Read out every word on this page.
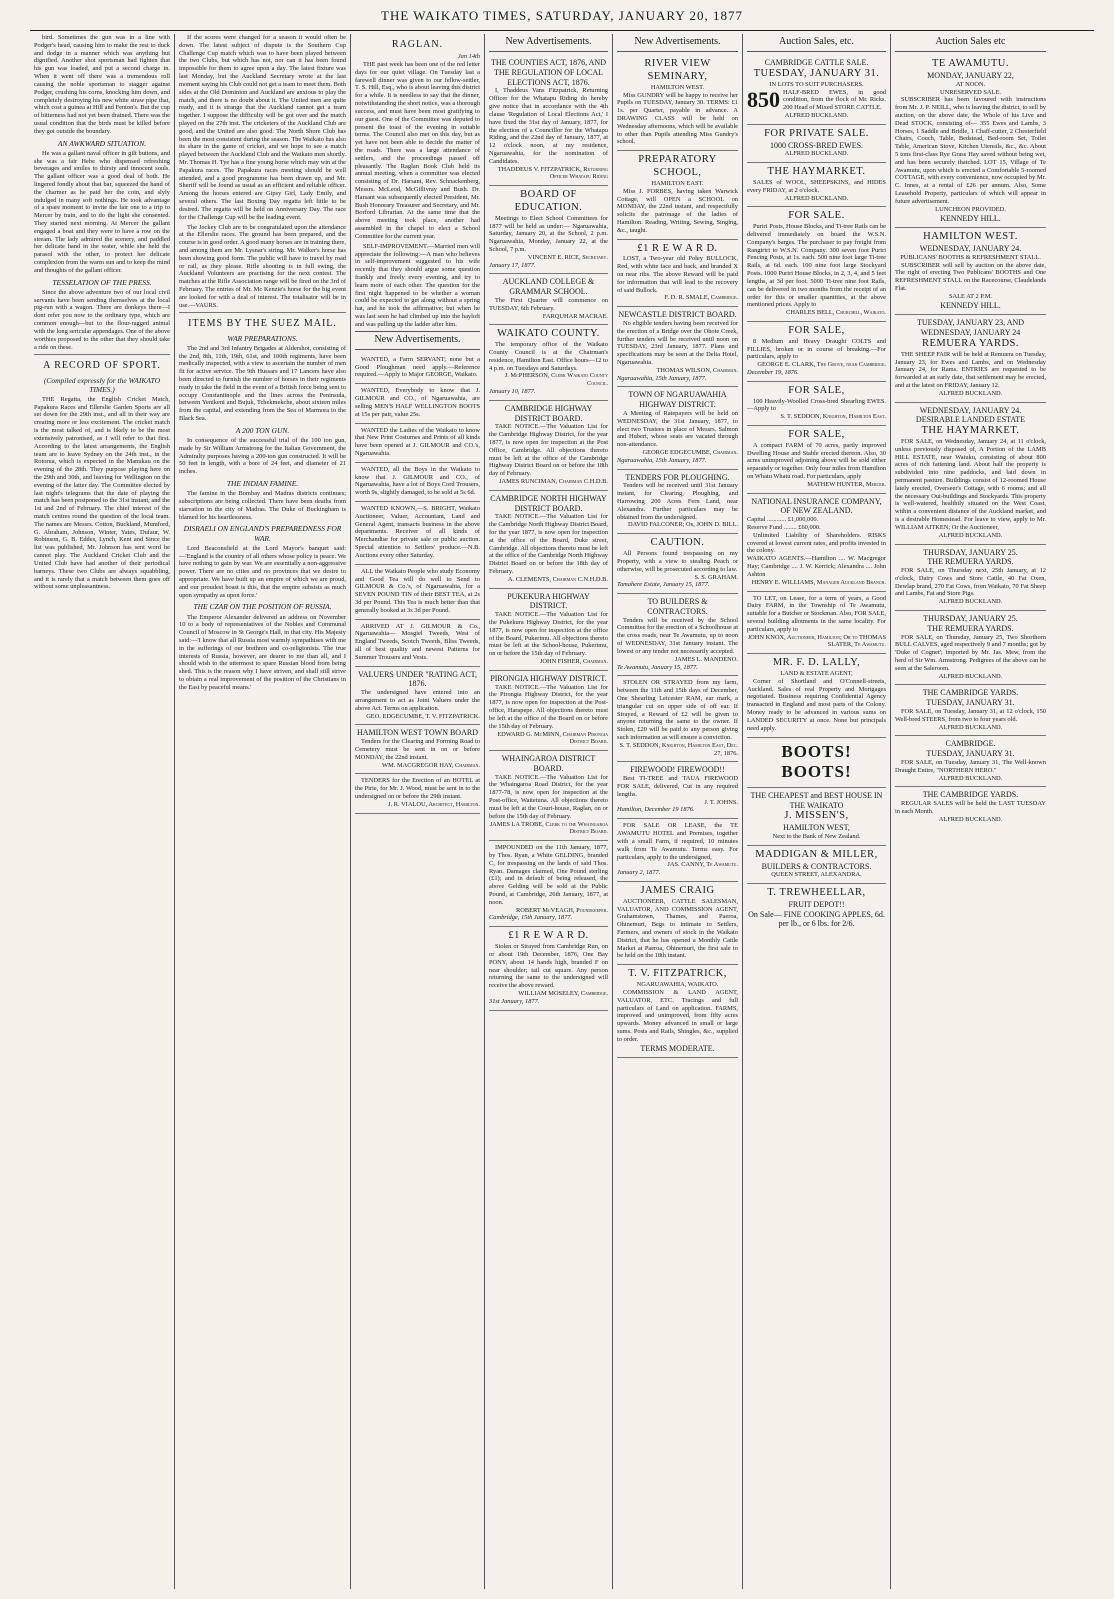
THE WAIKATO TIMES, SATURDAY, JANUARY 20, 1877

bird. Sometimes the gun was in a line with Podger's head, causing him to make the rest to duck and dodge in a manner which was anything but dignified. Another shot sportsman had fighten that his gun was loaded, and put a second charge in. When it went off there was a tremendous roll causing the noble sportsman to stagger against Podger, crushing his corns, knocking him down, and completely destroying his new white straw pipe that, which cost a guinea at Hill and Fenton's. But the cup of bitterness had not yet been drained. There was the usual condition that the birds must be killed before they got outside the boundary.

AN AWKWARD SITUATION.

He was a gallant naval officer in gilt buttons, and she was a fair Hebe who dispensed refreshing beverages and smiles to thirsty and innocent souls. The gallant officer was a good deal of both. He lingered fondly about that bar, squeezed the hand of the charmer as he paid her the coin, and slyly indulged in many soft nothings. He took advantage of a spare moment to invite the fair one to a trip to Mercer by train, and to do the light she consented. They started next morning. At Mercer the gallant engaged a boat and they were to have a row on the stream. The lady admired the scenery, and paddled her delicate hand in the water, while she held the parasol with the other, to protect her delicate complexion from the warm sun and to keep the mind and thoughts of the gallant officer.

TESSELATION OF THE PRESS.

Since the above adventure two of our local civil servants have been sending themselves at the local pig-run with a wagon. There are donkeys there—I dont refer you now to the ordinary type, which are common enough—but to the flour-ragged animal with the long sericular appendages. One of the above worthies proposed to the other that they should take a ride on these.

A RECORD OF SPORT.
(Compiled expressly for the WAIKATO TIMES.)

THE Regatta, the English Cricket Match, Papakura Races and Ellerslie Garden Sports are all set down for the 29th inst., and all in their way are creating more or less excitement. The cricket match is the most talked of, and is likely to be the most extensively patronised, as I will refer to that first. According to the latest arrangements, the English team are to leave Sydney on the 24th inst., in the Rotorua, which is expected in the Manukau on the evening of the 28th. They purpose playing here on the 29th and 30th, and leaving for Wellington on the evening of the latter day. The Committee elected by last night's telegrams that the date of playing the match has been postponed to the 31st instant, and the 1st and 2nd of February. The chief interest of the match centres round the question of the local team. The names are Messrs. Cotton, Buckland, Mumford, G. Abraham, Johnson, Winter, Yates, Dufaur, W. Robinson, G. B. Eddes, Lynch, Kent and Since the list was published, Mr. Johnson has sent word he cannot play. The Auckland Cricket Club and the United Club have had another of their periodical barneys. These two Clubs are always squabbling, and it is rarely that a match between them goes off without some unpleasantness.

If the scores were changed for a season it would often be down. The latest subject of dispute is the Southern Cup Challenge Cup match which was to have been played between the two Clubs, but which has not, nor can it has been found impossible for them to agree upon a day. The latest fixture was last Monday, but the Auckland Secretary wrote at the last moment saying his Club could not get a team to meet them. Both sides at the Old Dominion and Auckland are anxious to play the match, and there is no doubt about it. The United men are quite ready, and it is strange that the Auckland cannot get a team together. I suppose the difficulty will be got over and the match played on the 27th inst. The cricketers of the Auckland Club are good, and the United are also good. The North Shore Club has been the most consistent during the season. The Waikato has also its share in the game of cricket, and we hope to see a match played between the Auckland Club and the Waikato men shortly. Mr. Thomas H. Tye has a fine young horse which may win at the Papakura races. The Papakura races meeting should be well attended, and a good programme has been drawn up, and Mr. Sheriff will be found as usual as an efficient and reliable officer. Among the horses entered are Gipsy Girl, Lady Emily, and several others. The last Boxing Day regatta left little to be desired. The regatta will be held on Anniversary Day. The race for the Challenge Cup will be the leading event.

The Jockey Club are to be congratulated upon the attendance at the Ellerslie races. The ground has been prepared, and the course is in good order. A good many horses are in training there, and among them are Mr. Lysnar's string. Mr. Walker's horse has been showing good form. The public will have to travel by road or rail, as they please. Rifle shooting is in full swing, the Auckland Volunteers are practising for the next contest. The matches at the Rifle Association range will be fired on the 3rd of February. The entries of Mr. Mc Kenzie's horse for the big event are looked for with a deal of interest. The totalisator will be in use.—VAURS.

ITEMS BY THE SUEZ MAIL.
WAR PREPARATIONS.

The 2nd and 3rd Infantry Brigades at Aldershot, consisting of the 2nd, 8th, 11th, 19th, 61st, and 100th regiments, have been medically inspected, with a view to ascertain the number of men fit for active service. The 9th Hussars and 17 Lancers have also been directed to furnish the number of horses in their regiments ready to take the field in the event of a British force being sent to occupy Constantinople and the lines across the Peninsula, between Yenikeni and Bujuk, Tchekmekche, about sixteen miles from the capital, and extending from the Sea of Marmora to the Black Sea.

A 200 TON GUN.

In consequence of the successful trial of the 100 ton gun, made by Sir William Armstrong for the Italian Government, the Admiralty purposes having a 200-ton gun constructed. It will be 50 feet in length, with a bore of 24 feet, and diameter of 21 inches.

THE INDIAN FAMINE.

The famine in the Bombay and Madras districts continues; subscriptions are being collected. There have been deaths from starvation in the city of Madras. The Duke of Buckingham is blamed for his heartlessness.

DISRAELI ON ENGLAND'S PREPAREDNESS FOR WAR.

Lord Beaconsfield at the Lord Mayor's banquet said:—'England is the country of all others whose policy is peace. We have nothing to gain by war. We are essentially a non-aggressive power. There are no cities and no provinces that we desire to appropriate. We have built up an empire of which we are proud, and our proudest boast is this, that the empire subsists as much upon sympathy as upon force.'

THE CZAR ON THE POSITION OF RUSSIA.

The Emperor Alexander delivered an address on November 10 to a body of representatives of the Nobles and Communal Council of Moscow in St George's Hall, in that city. His Majesty said:—'I know that all Russia most warmly sympathises with me in the sufferings of our brethren and co-religionists. The true interests of Russia, however, are dearer to me than all, and I should wish to the uttermost to spare Russian blood from being shed. This is the reason why I have striven, and shall still strive to obtain a real improvement of the position of the Christians in the East by peaceful means.'

RAGLAN.
Jan 14th

THE past week has been one of the red letter days for our quiet village. On Tuesday last a farewell dinner was given to our fellow-settler, T. S. Hill, Esq., who is about leaving this district for a while. It is needless to say that the dinner, notwithstanding the short notice, was a thorough success, and must have been most gratifying to our guest. One of the Committee was deputed to present the toast of the evening in suitable terms. The Council also met on this day, but as yet have not been able to decide the matter of the roads. There was a large attendance of settlers, and the proceedings passed off pleasantly. The Raglan Book Club held its annual meeting, when a committee was elected consisting of Dr. Harsant, Rev. Schnackenberg, Messrs. McLeod, McGillivray and Bush. Dr. Harsant was subsequently elected President, Mr. Bush Honorary Treasurer and Secretary, and Mr. Borford Librarian. At the same time that the above meeting took place, another had assembled in the chapel to elect a School Committee for the current year.

SELF-IMPROVEMENT.—Married men will appreciate the following:—A man who believes in self-improvement suggested to his wife recently that they should argue some question frankly and freely every evening, and try to learn more of each other. The question for the first night happened to be whether a woman could be expected to get along without a spring hat, and he took the affirmative; but when he was last seen he had climbed up into the hayloft and was pulling up the ladder after him.

New Advertisements.
WANTED, a Farm SERVANT; none but a Good Ploughman need apply.—Reference required.—Apply to Major GEORGE, Waikato.
WANTED, Everybody to know that J. GILMOUR and CO., of Ngaruawahia, are selling MEN'S HALF WELLINGTON BOOTS at 15s per pair, value 25s.
WANTED the Ladies of the Waikato to know that New Print Costumes and Prints of all kinds have been opened at J. GILMOUR and CO.'s, Ngaruawahia.
WANTED, all the Boys in the Waikato to know that J. GILMOUR and CO., of Ngaruawahia, have a lot of Boys Cord Trousers, worth 9s, slightly damaged, to be sold at 5s 6d.
WANTED KNOWN,—S. BRIGHT, Waikato Auctioneer, Valuer, Accountant, Land and General Agent, transacts business in the above departments. Receiver of all kinds of Merchandise for private sale or public auction. Special attention to Settlers' produce.—N.B. Auctions every other Saturday.
ALL the Waikato People who study Economy and Good Tea will do well to Send to GILMOUR & Co.'s, of Ngaruawahia, for a SEVEN POUND TIN of their BEST TEA, at 2s 3d per Pound. This Tea is much better than that generally booked at 3s 3d per Pound.
ARRIVED AT J. GILMOUR & Co., Ngaruawahia— Mosgiel Tweeds, West of England Tweeds, Scotch Tweeds, Bliss Tweeds, all of best quality and newest Patterns for Summer Trousers and Vests.
VALUERS UNDER "RATING ACT, 1876.
The undersigned have entered into an arrangement to act as Joint Valuers under the above Act. Terms on application.
GEO. EDGECUMBE, T. V. FITZPATRICK.
HAMILTON WEST TOWN BOARD
Tenders for the Clearing and Forming Road to Cemetery must be sent in on or before MONDAY, the 22nd instant.
WM. MACGREGOR HAY, Chairman.
TENDERS for the Erection of an HOTEL at the Pirie, for Mr. J. Wood, must be sent in to the undersigned on or before the 29th instant.
J. R. VIALOU, Architect, Hamilton.
New Advertisements.
THE COUNTIES ACT, 1876, AND THE REGULATION OF LOCAL ELECTIONS ACT, 1876.
I, Thaddeus Vans Fitzpatrick, Returning Officer for the Whatapu Riding do hereby give notice that in accordance with the 4th clause 'Regulation of Local Elections Act,' I have fixed the 31st day of January, 1877, for the election of a Councillor for the Whatapu Riding, and the 22nd day of January, 1877, at 12 o'clock noon, at my residence, Ngaruawahia, for the nomination of Candidates.
THADDEUS V. FITZPATRICK, Returning Officer Whatapu Riding
BOARD OF EDUCATION.
Meetings to Elect School Committees for 1877 will be held as under:— Ngaruawahia, Saturday, January 20, at the School, 2 p.m. Ngaruawahia, Monday, January 22, at the School, 7 p.m.
VINCENT E. RICE, Secretary.
January 17, 1877.
AUCKLAND COLLEGE & GRAMMAR SCHOOL.
The First Quarter will commence on TUESDAY, 6th February.
FARQUHAR MACRAE.
WAIKATO COUNTY.
The temporary office of the Waikato County Council is at the Chairman's residence, Hamilton East. Office hours—12 to 4 p.m. on Tuesdays and Saturdays.
J. McPHERSON, Clerk Waikato County Council.
January 10, 1877.
CAMBRIDGE HIGHWAY DISTRICT BOARD.
TAKE NOTICE.—The Valuation List for the Cambridge Highway District, for the year 1877, is now open for inspection at the Post Office, Cambridge. All objections thereto must be left at the office of the Cambridge Highway District Board on or before the 18th day of February.
JAMES RUNCIMAN, Chairman C.H.D.B.
CAMBRIDGE NORTH HIGHWAY DISTRICT BOARD.
TAKE NOTICE.—The Valuation List for the Cambridge North Highway District Board, for the year 1877, is now open for inspection at the office of the Board, Duke street, Cambridge. All objections thereto must be left at the office of the Cambridge North Highway District Board on or before the 18th day of February.
A. CLEMENTS, Chairman C.N.H.D.B.
PUKEKURA HIGHWAY DISTRICT.
TAKE NOTICE.—The Valuation List for the Pukekura Highway District, for the year 1877, is now open for inspection at the office of the Board, Pukerimu. All objections thereto must be left at the School-house, Pukerimu, on or before the 15th day of February.
JOHN FISHER, Chairman.
PIRONGIA HIGHWAY DISTRICT.
TAKE NOTICE.—The Valuation List for the Pirongia Highway District, for the year 1877, is now open for inspection at the Post-office, Harapepe. All objections thereto must be left at the office of the Board on or before the 15th day of February.
EDWARD G. McMINN, Chairman Pirongia District Board.
WHAINGAROA DISTRICT BOARD.
TAKE NOTICE.—The Valuation List for the Whaingaroa Road District, for the year 1877-78, is now open for inspection at the Post-office, Waitetuna. All objections thereto must be left at the Court-house, Raglan, on or before the 15th day of February.
JAMES LA TROBE, Clerk to the Whaingaroa District Board.
IMPOUNDED on the 11th January, 1877, by Thos. Ryan, a White GELDING, branded C, for trespassing on the lands of said Thos. Ryan. Damages claimed, One Pound sterling (£1); and in default of being released, the above Gelding will be sold at the Public Pound, at Cambridge, 26th January, 1877, at noon.
ROBERT McVEAGH, Poundkeeper.
Cambridge, 15th January, 1877.
£1 R E W A R D.
Stolen or Strayed from Cambridge Run, on or about 19th December, 1876, One Bay PONY, about 14 hands high, branded F on near shoulder; tail cut square. Any person returning the same to the undersigned will receive the above reward.
WILLIAM MOSELEY, Cambridge.
31st January, 1877.
New Advertisements.
RIVER VIEW SEMINARY,
HAMILTON WEST.
Miss GUNDRY will be happy to receive her Pupils on TUESDAY, January 30. TERMS: £1 1s. per Quarter, payable in advance. A DRAWING CLASS will be held on Wednesday afternoons, which will be available to other than Pupils attending Miss Gundry's school.
PREPARATORY SCHOOL,
HAMILTON EAST.
Miss J. FORBES, having taken Warwick Cottage, will OPEN a SCHOOL on MONDAY, the 22nd instant, and respectfully solicits the patronage of the ladies of Hamilton. Reading, Writing, Sewing, Singing, &c., taught.
£1 R E W A R D.
LOST, a Two-year old Poley BULLOCK, Red, with white face and back, and branded X on near ribs. The above Reward will be paid for information that will lead to the recovery of said Bullock.
F. D. R. SMALE, Cambridge.
NEWCASTLE DISTRICT BOARD.
No eligible tenders having been received for the erection of a Bridge over the Ohote Creek, further tenders will be received until noon on TUESDAY, 23rd January, 1877. Plans and specifications may be seen at the Delta Hotel, Ngaruawahia.
THOMAS WILSON, Chairman.
Ngaruawahia, 15th January, 1877.
TOWN OF NGARUAWAHIA HIGHWAY DISTRICT.
A Meeting of Ratepayers will be held on WEDNESDAY, the 31st January, 1877, to elect two Trustees in place of Messrs. Salmon and Hubert, whose seats are vacated through non-attendance.
GEORGE EDGECUMBE, Chairman.
Ngaruawahia, 15th January, 1877.
TENDERS FOR PLOUGHING.
Tenders will be received until 31st January instant, for Clearing, Ploughing, and Harrowing 200 Acres Fern Land, near Alexandra. Further particulars may be obtained from the undersigned.
DAVID FALCONER; Or, JOHN D. BILL.
CAUTION.
All Persons found trespassing on my Property, with a view to stealing Peach or otherwise, will be prosecuted according to law.
S. S. GRAHAM.
Tamahere Estate, January 15, 1877.
TO BUILDERS & CONTRACTORS.
Tenders will be received by the School Committee for the erection of a Schoolhouse at the cross roads, near Te Awamutu, up to noon of WEDNESDAY, 31st January instant. The lowest or any tender not necessarily accepted.
JAMES L. MANDENO.
Te Awamutu, January 15, 1877.
STOLEN OR STRAYED from my farm, between the 11th and 15th days of December, One Shearling Leicester RAM, ear mark, a triangular cut on upper side of off ear. If Strayed, a Reward of £2 will be given to anyone returning the same to the owner. If Stolen, £20 will be paid to any person giving such information as will ensure a conviction.
S. T. SEDDON, Knighton, Hamilton East, Dec. 27, 1876.
FIREWOOD! FIREWOOD!!
Best TI-TREE and TAUA FIREWOOD FOR SALE, delivered, Cut in any required lengths.
J. T. JOHNS.
Hamilton, December 19 1876.
FOR SALE OR LEASE, the TE AWAMUTU HOTEL and Premises, together with a small Farm, if required, 10 minutes walk from Te Awamutu. Terms easy. For particulars, apply to the undersigned,
JAS. CANNY, Te Awamutu.
January 2, 1877.
JAMES CRAIG
AUCTIONEER, CATTLE SALESMAN, VALUATOR, AND COMMISSION AGENT, Grahamstown, Thames, and Paeroa, Ohinemuri, Begs to intimate to Settlers, Farmers, and owners of stock in the Waikato District, that he has opened a Monthly Cattle Market at Paeroa, Ohinemuri, the first sale to be held on the 18th instant.
T. V. FITZPATRICK,
NGARUAWAHIA, WAIKATO.
COMMISSION & LAND AGENT, VALUATOR, ETC. Tracings and full particulars of Land on application. FARMS, improved and unimproved, from fifty acres upwards. Money advanced in small or large sums. Posts and Rails, Shingles, &c., supplied to order.
TERMS MODERATE.
Auction Sales, etc.
CAMBRIDGE CATTLE SALE.
TUESDAY, JANUARY 31.
IN LOTS TO SUIT PURCHASERS.
850 HALF-BRED EWES, in good condition, from the flock of Mr. Ricks. 200 Head of Mixed STORE CATTLE.
ALFRED BUCKLAND.
FOR PRIVATE SALE.
1000 CROSS-BRED EWES.
ALFRED BUCKLAND.
THE HAYMARKET.
SALES of WOOL, SHEEPSKINS, and HIDES every FRIDAY, at 2 o'clock.
ALFRED BUCKLAND.
FOR SALE.
Puriri Posts, House Blocks, and Ti-tree Rails can be delivered immediately on board the W.S.N. Company's barges. The purchaser to pay freight from Rangiriri to W.S.N. Company. 300 seven foot Puriri Fencing Posts, at 1s. each. 500 nine foot large Ti-tree Rails, at 6d. each. 100 nine foot large Stockyard Posts. 1000 Puriri House Blocks, in 2, 3, 4, and 5 feet lengths, at 3d per foot. 5000 Ti-tree nine foot Rails, can be delivered in two months from the receipt of an order for this or smaller quantities, at the above mentioned prices. Apply to
CHARLES BELL, Churchill, Waikato.
FOR SALE,
8 Medium and Heavy Draught COLTS and FILLIES, broken or in course of breaking.—For particulars, apply to
GEORGE E. CLARK, The Grove, near Cambridge.
December 19, 1876.
FOR SALE,
100 Heavily-Woolled Cross-bred Shearling EWES.—Apply to
S. T. SEDDON, Knighton, Hamilton East.
FOR SALE,
A compact FARM of 70 acres, partly improved Dwelling House and Stable erected thereon. Also, 30 acres unimproved adjoining above will be sold either separately or together. Only four miles from Hamilton on Whatu Whatu road. For particulars, apply
MATHEW HUNTER, Mercer.
NATIONAL INSURANCE COMPANY, OF NEW ZEALAND.
Capital ............ £1,000,000.
Reserve Fund ........ £60,000.
Unlimited Liability of Shareholders. RISKS covered at lowest current rates, and profits invested in the colony.
WAIKATO AGENTS.—Hamilton .... W. Macgregor Hay; Cambridge .... J. W. Kerrick; Alexandra .... John Ashton
HENRY E. WILLIAMS, Manager Auckland Branch.
TO LET, on Lease, for a term of years, a Good Dairy FARM, in the Township of Te Awamutu, suitable for a Butcher or Stockman. Also, FOR SALE, several building allotments in the same locality. For particulars, apply to
JOHN KNOX, Auctioneer, Hamilton; Or to THOMAS SLATER, Te Awamutu.
MR. F. D. LALLY,
LAND & ESTATE AGENT,
Corner of Shortland and O'Connell-streets, Auckland. Sales of real Property and Mortgages negotiated. Business requiring Confidential Agency transacted in England and most parts of the Colony. Money ready to be advanced in various sums on LANDED SECURITY at once. None but principals need apply.
BOOTS! BOOTS!
THE CHEAPEST and BEST HOUSE IN THE WAIKATO
J. MISSEN'S,
HAMILTON WEST,
Next to the Bank of New Zealand.
MADDIGAN & MILLER,
BUILDERS & CONTRACTORS.
QUEEN STREET, ALEXANDRA.
T. TREWHEELLAR,
FRUIT DEPOT!!
On Sale— FINE COOKING APPLES, 6d. per lb., or 6 lbs. for 2/6.
Auction Sales etc
TE AWAMUTU.
MONDAY, JANUARY 22,
AT NOON.
UNRESERVED SALE.
SUBSCRIBER has been favoured with instructions from Mr. J. P. NEILL, who is leaving the district, to sell by auction, on the above date, the Whole of his Live and Dead STOCK, consisting of— 355 Ewes and Lambs, 3 Horses, 1 Saddle and Bridle, 1 Chaff-cutter, 2 Chesterfield Chairs, Couch, Table, Bedstead, Bed-room Set, Toilet Table, American Stove, Kitchen Utensils, &c., &c. About 5 tons first-class Rye Grass Hay saved without being wet, and has been securely thatched. LOT 15, Village of Te Awamutu, upon which is erected a Comfortable 5-roomed COTTAGE, with every convenience, now occupied by Mr. C. Innes, at a rental of £26 per annum. Also, Some Leasehold Property, particulars of which will appear in future advertisement.
LUNCHEON PROVIDED.
KENNEDY HILL.
HAMILTON WEST.
WEDNESDAY, JANUARY 24.
PUBLICANS' BOOTHS & REFRESHMENT STALL.
SUBSCRIBER will sell by auction on the above date, The right of erecting Two Publicans' BOOTHS and One REFRESHMENT STALL on the Racecourse, Claudelands Flat.
SALE AT 2 P.M.
KENNEDY HILL.
TUESDAY, JANUARY 23, AND WEDNESDAY, JANUARY 24
REMUERA YARDS.
THE SHEEP FAIR will be held at Remuera on Tuesday, January 23, for Ewes and Lambs, and on Wednesday January 24, for Rams. ENTRIES are requested to be forwarded at an early date, that settlement may be erected, and at the latest on FRIDAY, January 12.
ALFRED BUCKLAND.
WEDNESDAY, JANUARY 24.
DESIRABLE LANDED ESTATE
THE HAYMARKET.
FOR SALE, on Wednesday, January 24, at 11 o'clock, unless previously disposed of, A Portion of the LAMB HILL ESTATE, near Waiuku, consisting of about 800 acres of rich fattening land. About half the property is subdivided into nine paddocks, and laid down in permanent pasture. Buildings consist of 12-roomed House lately erected, Overseer's Cottage, with 6 rooms; and all the necessary Out-buildings and Stockyards. This property is well-watered, healthily situated on the West Coast, within a convenient distance of the Auckland market, and is a desirable Homestead. For leave to view, apply to Mr. WILLIAM AITKEN; Or the Auctioneer,
ALFRED BUCKLAND.
THURSDAY, JANUARY 25.
THE REMUERA YARDS.
FOR SALE, on Thursday next, 25th January, at 12 o'clock, Dairy Cows and Store Cattle, 40 Fat Oxen, Dewlap brand, 270 Fat Cows, from Waikato, 70 Fat Sheep and Lambs, Fat and Store Pigs.
ALFRED BUCKLAND.
THURSDAY, JANUARY 25.
THE REMUERA YARDS.
FOR SALE, on Thursday, January 25, Two Shorthorn BULL CALVES, aged respectively 9 and 7 months; got by 'Duke of Cognet'; imported by Mr. Jas. Mew, from the herd of Sir Wm. Armstrong. Pedigrees of the above can be seen at the Saleroom.
ALFRED BUCKLAND.
THE CAMBRIDGE YARDS.
TUESDAY, JANUARY 31.
FOR SALE, on Tuesday, January 31, at 12 o'clock, 150 Well-bred STEERS, from two to four years old.
ALFRED BUCKLAND.
CAMBRIDGE.
TUESDAY, JANUARY 31.
FOR SALE, on Tuesday, January 31, The Well-known Draught Entire, "NORTHERN HERO."
ALFRED BUCKLAND.
THE CAMBRIDGE YARDS.
REGULAR SALES will be held the LAST TUESDAY in each Month.
ALFRED BUCKLAND.
